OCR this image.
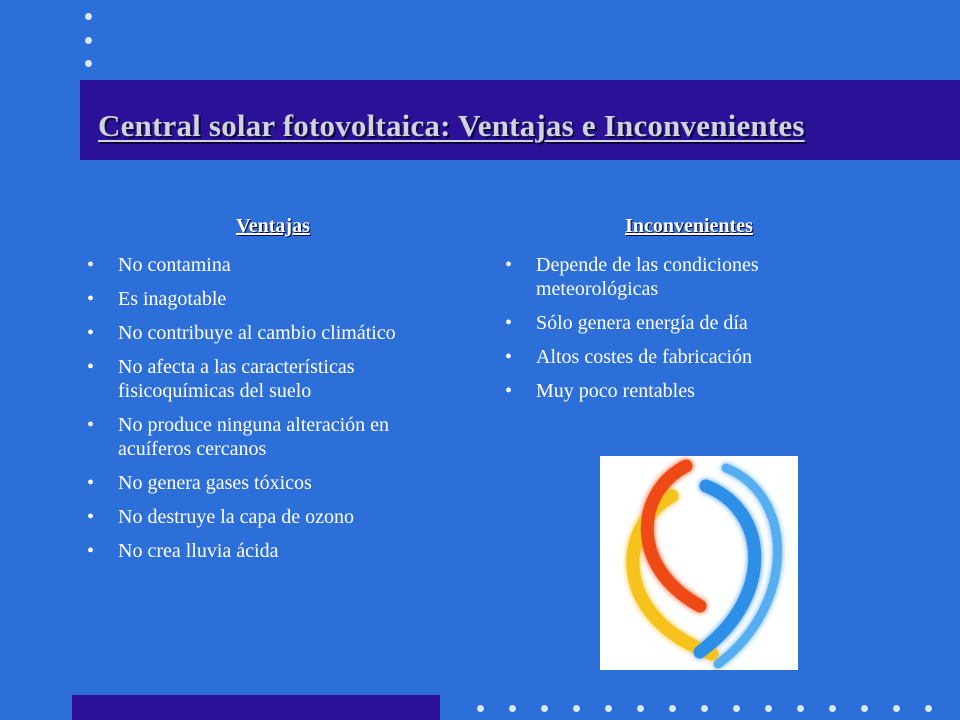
Central solar fotovoltaica: Ventajas e Inconvenientes
Ventajas
• No contamina
• Es inagotable
• No contribuye al cambio climático
• No afecta a las características fisicoquímicas del suelo
• No produce ninguna alteración en acuíferos cercanos
• No genera gases tóxicos
• No destruye la capa de ozono
• No crea lluvia ácida
Inconvenientes
• Depende de las condiciones meteorológicas
• Sólo genera energía de día
• Altos costes de fabricación
• Muy poco rentables
